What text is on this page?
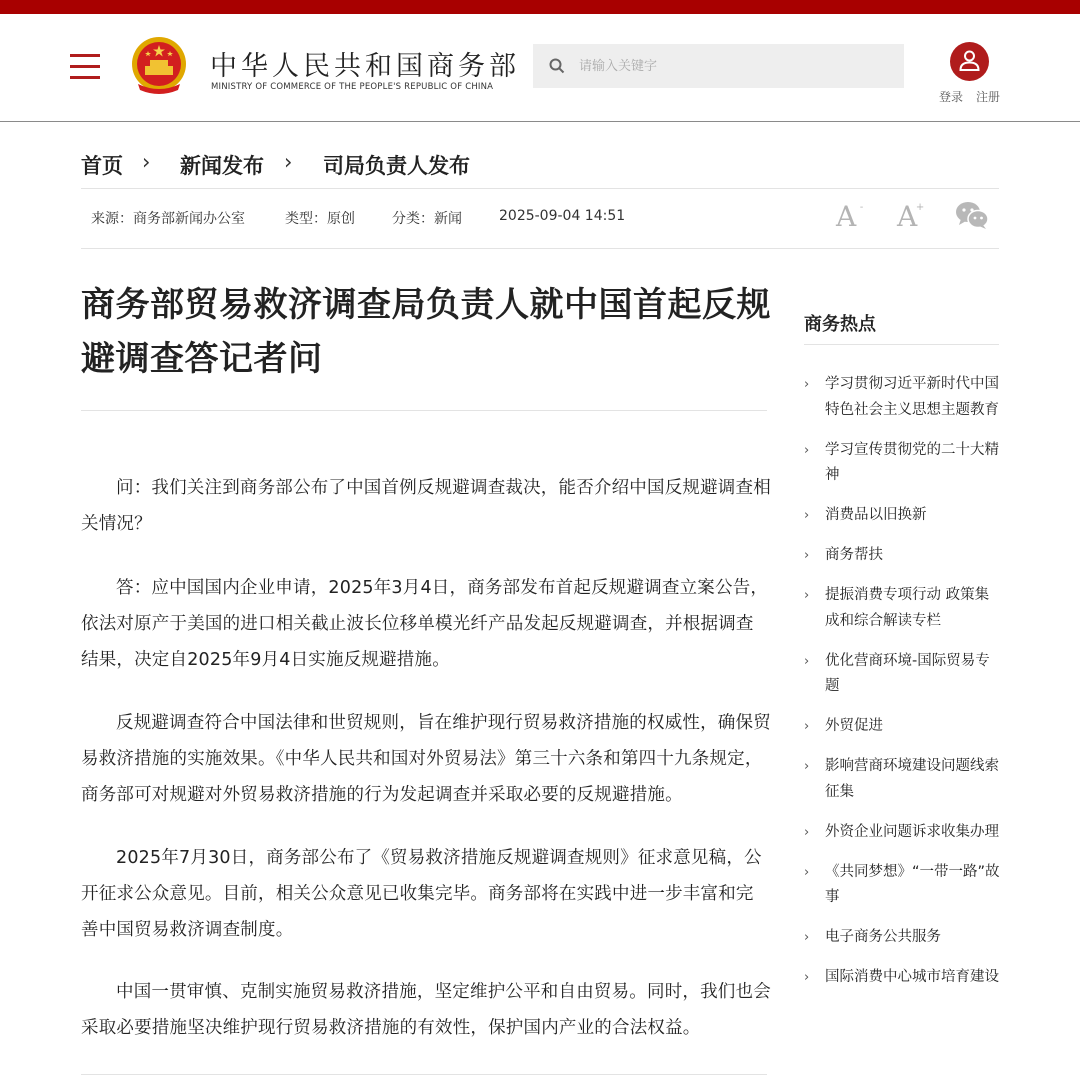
中华人民共和国商务部
MINISTRY OF COMMERCE OF THE PEOPLE'S REPUBLIC OF CHINA
请输入关键字
登录 注册
首页 › 新闻发布 › 司局负责人发布
来源：商务部新闻办公室	类型：原创	分类：新闻	2025-09-04 14:51	A - A
+
商务部贸易救济调查局负责人就中国首起反规避调查答记者问

问：我们关注到商务部公布了中国首例反规避调查裁决，能否介绍中国反规避调查相关情况？

答：应中国国内企业申请，2025年3月4日，商务部发布首起反规避调查立案公告，依法对原产于美国的进口相关截止波长位移单模光纤产品发起反规避调查，并根据调查结果，决定自2025年9月4日实施反规避措施。

反规避调查符合中国法律和世贸规则，旨在维护现行贸易救济措施的权威性，确保贸易救济措施的实施效果。《中华人民共和国对外贸易法》第三十六条和第四十九条规定，商务部可对规避对外贸易救济措施的行为发起调查并采取必要的反规避措施。

2025年7月30日，商务部公布了《贸易救济措施反规避调查规则》征求意见稿，公开征求公众意见。目前，相关公众意见已收集完毕。商务部将在实践中进一步丰富和完善中国贸易救济调查制度。

中国一贯审慎、克制实施贸易救济措施，坚定维护公平和自由贸易。同时，我们也会采取必要措施坚决维护现行贸易救济措施的有效性，保护国内产业的合法权益。

商务热点
› 学习贯彻习近平新时代中国特色社会主义思想主题教育
› 学习宣传贯彻党的二十大精神
› 消费品以旧换新
› 商务帮扶
› 提振消费专项行动 政策集成和综合解读专栏
› 优化营商环境-国际贸易专题
› 外贸促进
› 影响营商环境建设问题线索征集
› 外资企业问题诉求收集办理
› 《共同梦想》“一带一路”故事
› 电子商务公共服务
› 国际消费中心城市培育建设
